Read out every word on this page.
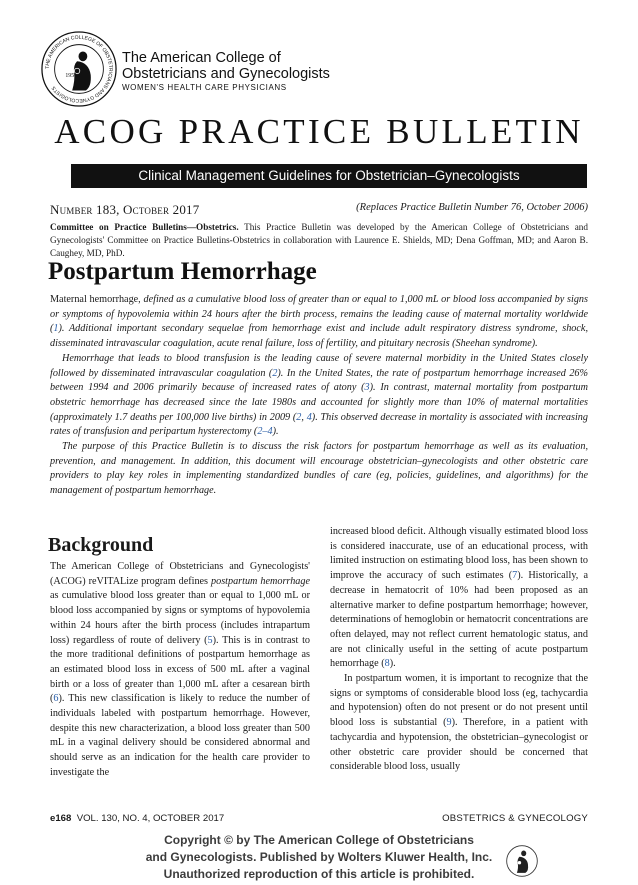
THE AMERICAN COLLEGE OF OBSTETRICIANS AND GYNECOLOGISTS
1951
The American College of
Obstetricians and Gynecologists
WOMEN'S HEALTH CARE PHYSICIANS
ACOG PRACTICE BULLETIN
Clinical Management Guidelines for Obstetrician–Gynecologists
Number 183, October 2017	(Replaces Practice Bulletin Number 76, October 2006)
Committee on Practice Bulletins—Obstetrics. This Practice Bulletin was developed by the American College of Obstetricians and Gynecologists' Committee on Practice Bulletins-Obstetrics in collaboration with Laurence E. Shields, MD; Dena Goffman, MD; and Aaron B. Caughey, MD, PhD.
Postpartum Hemorrhage

Maternal hemorrhage, defined as a cumulative blood loss of greater than or equal to 1,000 mL or blood loss accompanied by signs or symptoms of hypovolemia within 24 hours after the birth process, remains the leading cause of maternal mortality worldwide (1). Additional important secondary sequelae from hemorrhage exist and include adult respiratory distress syndrome, shock, disseminated intravascular coagulation, acute renal failure, loss of fertility, and pituitary necrosis (Sheehan syndrome).

Hemorrhage that leads to blood transfusion is the leading cause of severe maternal morbidity in the United States closely followed by disseminated intravascular coagulation (2). In the United States, the rate of postpartum hemorrhage increased 26% between 1994 and 2006 primarily because of increased rates of atony (3). In contrast, maternal mortality from postpartum obstetric hemorrhage has decreased since the late 1980s and accounted for slightly more than 10% of maternal mortalities (approximately 1.7 deaths per 100,000 live births) in 2009 (2, 4). This observed decrease in mortality is associated with increasing rates of transfusion and peripartum hysterectomy (2–4).

The purpose of this Practice Bulletin is to discuss the risk factors for postpartum hemorrhage as well as its evaluation, prevention, and management. In addition, this document will encourage obstetrician–gynecologists and other obstetric care providers to play key roles in implementing standardized bundles of care (eg, policies, guidelines, and algorithms) for the management of postpartum hemorrhage.

Background

The American College of Obstetricians and Gynecologists' (ACOG) reVITALize program defines postpartum hemorrhage as cumulative blood loss greater than or equal to 1,000 mL or blood loss accompanied by signs or symptoms of hypovolemia within 24 hours after the birth process (includes intrapartum loss) regardless of route of delivery (5). This is in contrast to the more traditional definitions of postpartum hemorrhage as an estimated blood loss in excess of 500 mL after a vaginal birth or a loss of greater than 1,000 mL after a cesarean birth (6). This new classification is likely to reduce the number of individuals labeled with postpartum hemorrhage. However, despite this new characterization, a blood loss greater than 500 mL in a vaginal delivery should be considered abnormal and should serve as an indication for the health care provider to investigate the

increased blood deficit. Although visually estimated blood loss is considered inaccurate, use of an educational process, with limited instruction on estimating blood loss, has been shown to improve the accuracy of such estimates (7). Historically, a decrease in hematocrit of 10% had been proposed as an alternative marker to define postpartum hemorrhage; however, determinations of hemoglobin or hematocrit concentrations are often delayed, may not reflect current hematologic status, and are not clinically useful in the setting of acute postpartum hemorrhage (8).

In postpartum women, it is important to recognize that the signs or symptoms of considerable blood loss (eg, tachycardia and hypotension) often do not present or do not present until blood loss is substantial (9). Therefore, in a patient with tachycardia and hypotension, the obstetrician–gynecologist or other obstetric care provider should be concerned that considerable blood loss, usually

e168 VOL. 130, NO. 4, OCTOBER 2017	OBSTETRICS & GYNECOLOGY
Copyright © by The American College of Obstetricians
and Gynecologists. Published by Wolters Kluwer Health, Inc.
Unauthorized reproduction of this article is prohibited.
